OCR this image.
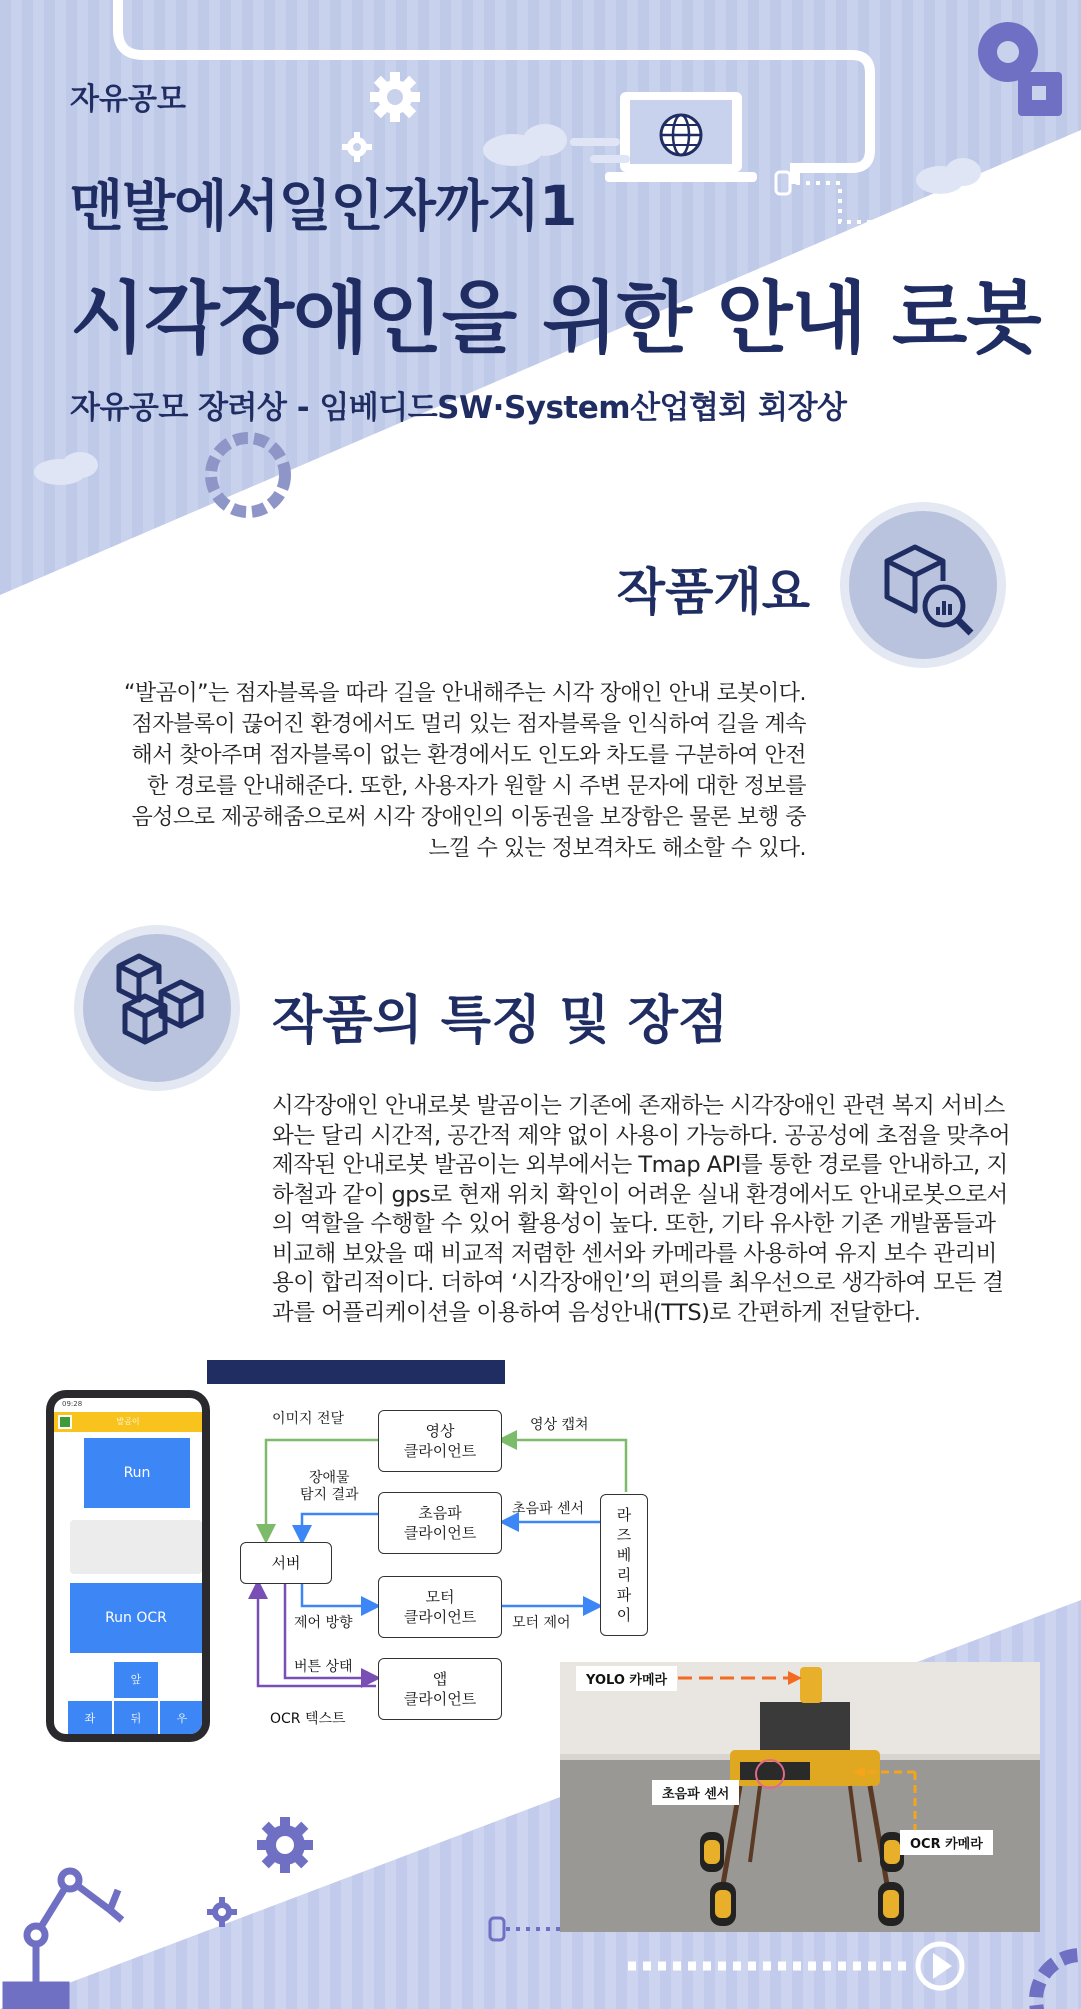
자유공모
맨발에서일인자까지1
시각장애인을 위한 안내 로봇
자유공모 장려상 - 임베디드SW·System산업협회 회장상
작품개요
“발곰이”는 점자블록을 따라 길을 안내해주는 시각 장애인 안내 로봇이다. 점자블록이 끊어진 환경에서도 멀리 있는 점자블록을 인식하여 길을 계속해서 찾아주며 점자블록이 없는 환경에서도 인도와 차도를 구분하여 안전한 경로를 안내해준다. 또한, 사용자가 원할 시 주변 문자에 대한 정보를 음성으로 제공해줌으로써 시각 장애인의 이동권을 보장함은 물론 보행 중 느낄 수 있는 정보격차도 해소할 수 있다.
작품의 특징 및 장점
시각장애인 안내로봇 발곰이는 기존에 존재하는 시각장애인 관련 복지 서비스와는 달리 시간적, 공간적 제약 없이 사용이 가능하다. 공공성에 초점을 맞추어 제작된 안내로봇 발곰이는 외부에서는 Tmap API를 통한 경로를 안내하고, 지하철과 같이 gps로 현재 위치 확인이 어려운 실내 환경에서도 안내로봇으로서의 역할을 수행할 수 있어 활용성이 높다. 또한, 기타 유사한 기존 개발품들과 비교해 보았을 때 비교적 저렴한 센서와 카메라를 사용하여 유지 보수 관리비용이 합리적이다. 더하여 ‘시각장애인’의 편의를 최우선으로 생각하여 모든 결과를 어플리케이션을 이용하여 음성안내(TTS)로 간편하게 전달한다.
09:28
발곰이
Run
Run OCR
앞
좌	뒤	우
영상
클라이언트
초음파
클라이언트
모터
클라이언트
앱
클라이언트
서버
라즈베리파이
이미지 전달	영상 캡쳐
장애물
탐지 결과
초음파 센서
제어 방향	모터 제어
버튼 상태
OCR 텍스트
YOLO 카메라
초음파 센서
OCR 카메라
